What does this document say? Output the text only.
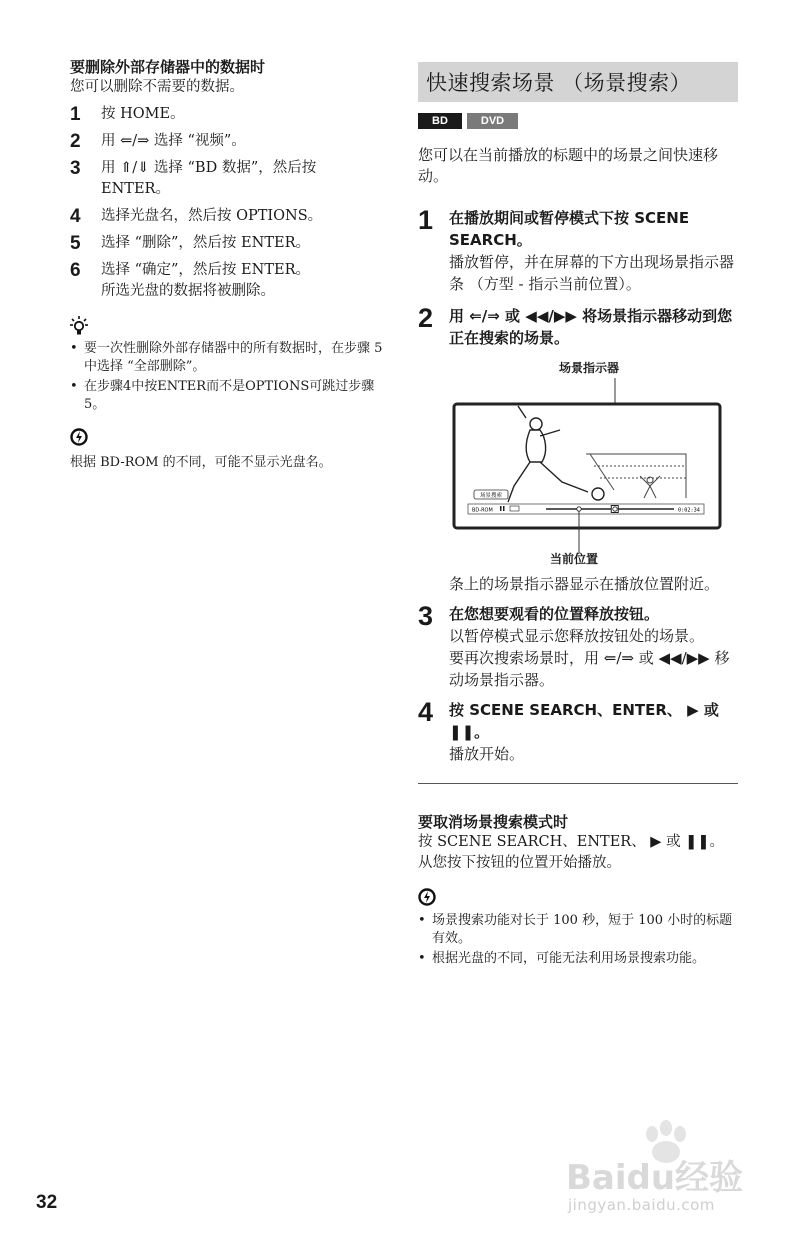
要删除外部存储器中的数据时
您可以删除不需要的数据。
1	按 HOME。
2	用 ⇐/⇒ 选择 “视频”。
3	用 ⇑/⇓ 选择 “BD 数据”，然后按 ENTER。
4	选择光盘名，然后按 OPTIONS。
5	选择 “删除”，然后按 ENTER。
6	选择 “确定”，然后按 ENTER。
所选光盘的数据将被删除。
• 要一次性删除外部存储器中的所有数据时，在步骤 5 中选择 “全部删除”。
• 在步骤4中按ENTER而不是OPTIONS可跳过步骤5。
根据 BD-ROM 的不同，可能不显示光盘名。
快速搜索场景 （场景搜索）
BD	DVD
您可以在当前播放的标题中的场景之间快速移动。
1	在播放期间或暂停模式下按 SCENE SEARCH。
播放暂停，并在屏幕的下方出现场景指示器条 （方型 - 指示当前位置）。
2	用 ⇐/⇒ 或 ◀◀/▶▶ 将场景指示器移动到您正在搜索的场景。
场景指示器
场景搜索
BD-ROM	0:02:34
当前位置
条上的场景指示器显示在播放位置附近。
3	在您想要观看的位置释放按钮。
以暂停模式显示您释放按钮处的场景。
要再次搜索场景时，用 ⇐/⇒ 或 ◀◀/▶▶ 移动场景指示器。
4	按 SCENE SEARCH、ENTER、 ▶ 或 ❚❚。
播放开始。
要取消场景搜索模式时
按 SCENE SEARCH、ENTER、 ▶ 或 ❚❚。
从您按下按钮的位置开始播放。
• 场景搜索功能对长于 100 秒，短于 100 小时的标题有效。
• 根据光盘的不同，可能无法利用场景搜索功能。
32
Baidu经验
jingyan.baidu.com
